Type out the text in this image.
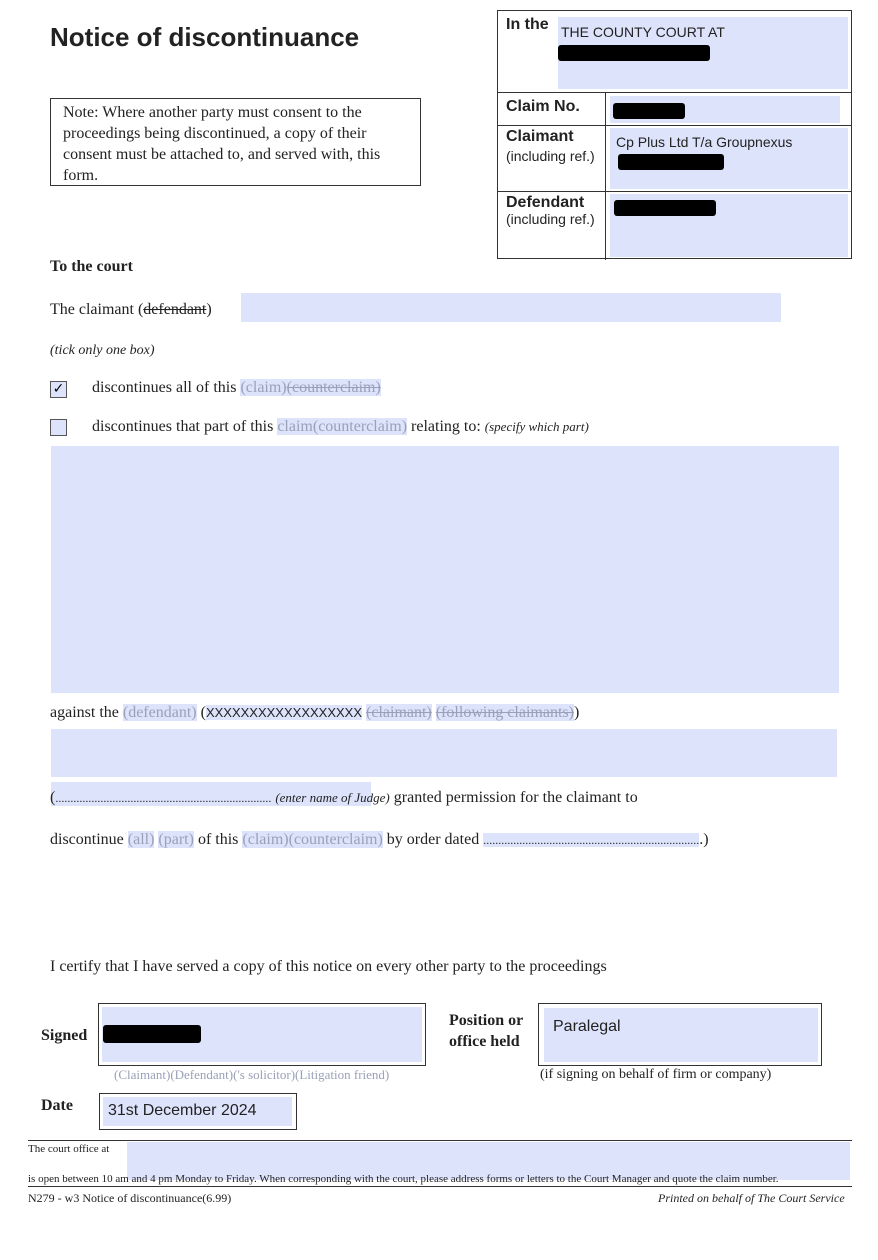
Notice of discontinuance
Note: Where another party must consent to the proceedings being discontinued, a copy of their consent must be attached to, and served with, this form.
In the THE COUNTY COURT AT
Claim No.
Claimant
(including ref.)
Cp Plus Ltd T/a Groupnexus
Defendant
(including ref.)
To the court
The claimant (defendant)
(tick only one box)
✓ discontinues all of this (claim)(counterclaim)
discontinues that part of this claim(counterclaim) relating to: (specify which part)
against the (defendant) (XXXXXXXXXXXXXXXXXX (claimant) (following claimants))
(........................................................................ (enter name of Judge) granted permission for the claimant to
discontinue (all) (part) of this (claim)(counterclaim) by order dated .........................................................................)
I certify that I have served a copy of this notice on every other party to the proceedings
Signed
(Claimant)(Defendant)('s solicitor)(Litigation friend)
Position or
office held
Paralegal
(if signing on behalf of firm or company)
Date 31st December 2024
The court office at
is open between 10 am and 4 pm Monday to Friday. When corresponding with the court, please address forms or letters to the Court Manager and quote the claim number.
N279 - w3 Notice of discontinuance(6.99)	Printed on behalf of The Court Service
